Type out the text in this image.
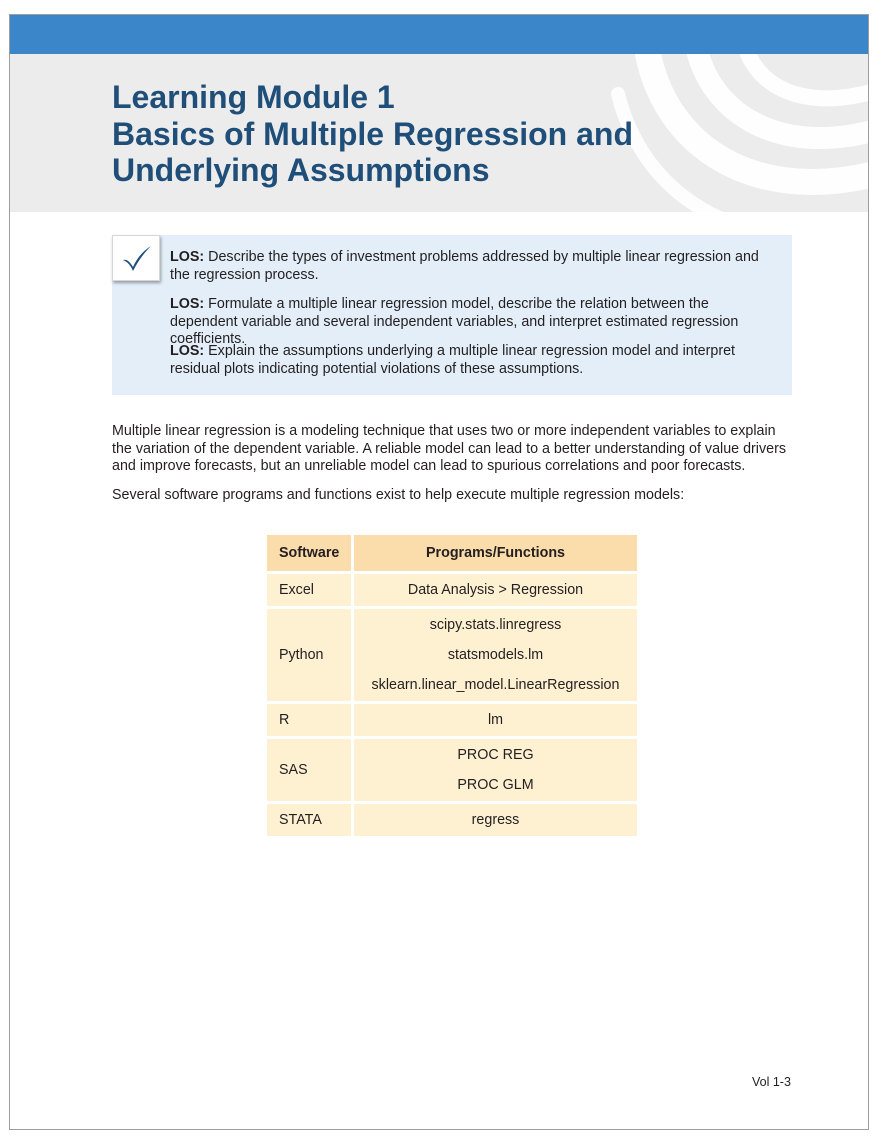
Learning Module 1
Basics of Multiple Regression and
Underlying Assumptions
LOS: Describe the types of investment problems addressed by multiple linear regression and the regression process.
LOS: Formulate a multiple linear regression model, describe the relation between the dependent variable and several independent variables, and interpret estimated regression coefficients.
LOS: Explain the assumptions underlying a multiple linear regression model and interpret residual plots indicating potential violations of these assumptions.

Multiple linear regression is a modeling technique that uses two or more independent variables to explain the variation of the dependent variable. A reliable model can lead to a better understanding of value drivers and improve forecasts, but an unreliable model can lead to spurious correlations and poor forecasts.

Several software programs and functions exist to help execute multiple regression models:

Software	Programs/Functions
Excel	Data Analysis > Regression

Python	scipy.stats.linregress
statsmodels.lm
sklearn.linear_model.LinearRegression

R	lm

SAS	PROC REG
PROC GLM

STATA	regress
Vol 1-3
